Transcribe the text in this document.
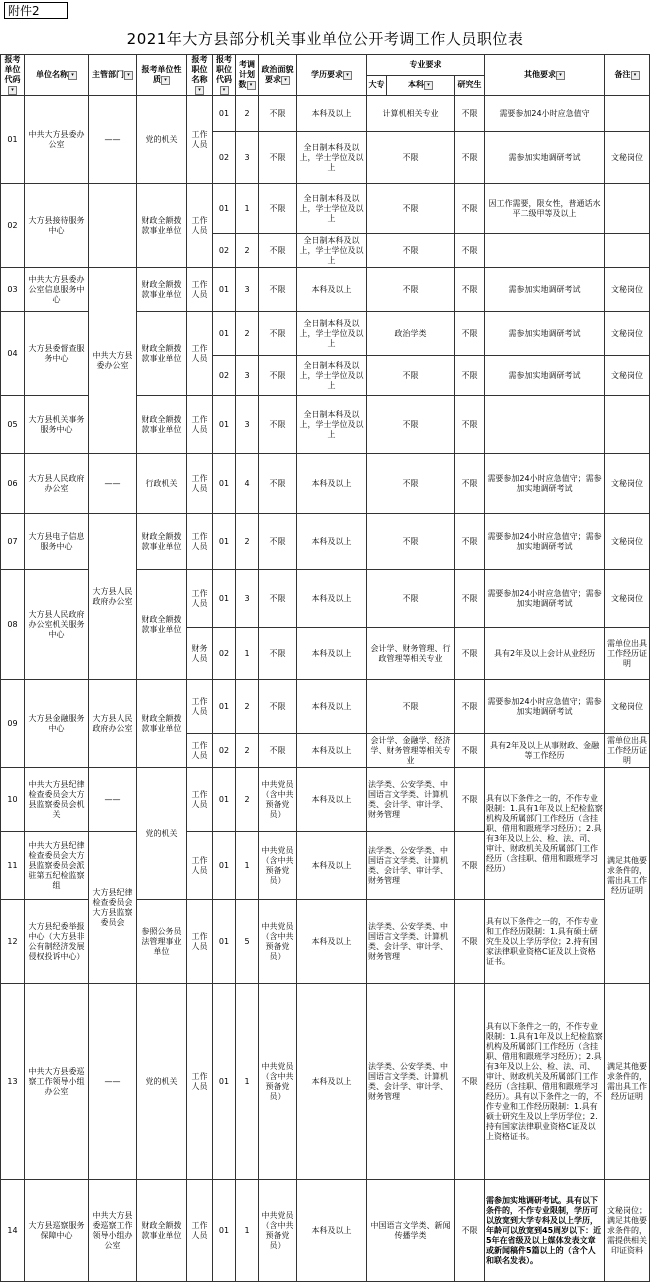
附件2
2021年大方县部分机关事业单位公开考调工作人员职位表
报考单位代码▾	单位名称 ▾	主管部门 ▾	报考单位性质 ▾	报考职位名称▾	报考职位代码▾	考调计划数 ▾	政治面貌要求 ▾	学历要求 ▾	专业要求			其他要求 ▾	备注 ▾
									大专	本科 ▾	研究生		
01	中共大方县委办公室	——	党的机关	工作人员	01	2	不限	本科及以上	计算机相关专业		不限	需要参加24小时应急值守	
					02	3	不限	全日制本科及以上，学士学位及以上	不限		不限	需参加实地调研考试	文秘岗位
02	大方县接待服务中心		财政全额拨款事业单位	工作人员	01	1	不限	全日制本科及以上，学士学位及以上	不限		不限	因工作需要，限女性，普通话水平二级甲等及以上	
					02	2	不限	全日制本科及以上，学士学位及以上	不限		不限		
03	中共大方县委办公室信息服务中心	中共大方县委办公室	财政全额拨款事业单位	工作人员	01	3	不限	本科及以上	不限		不限	需参加实地调研考试	文秘岗位
04	大方县委督查服务中心		财政全额拨款事业单位	工作人员	01	2	不限	全日制本科及以上，学士学位及以上	政治学类		不限	需参加实地调研考试	文秘岗位
					02	3	不限	全日制本科及以上，学士学位及以上	不限		不限	需参加实地调研考试	文秘岗位
05	大方县机关事务服务中心		财政全额拨款事业单位	工作人员	01	3	不限	全日制本科及以上，学士学位及以上	不限		不限		
06	大方县人民政府办公室	——	行政机关	工作人员	01	4	不限	本科及以上	不限		不限	需要参加24小时应急值守；需参加实地调研考试	文秘岗位
07	大方县电子信息服务中心	大方县人民政府办公室	财政全额拨款事业单位	工作人员	01	2	不限	本科及以上	不限		不限	需要参加24小时应急值守；需参加实地调研考试	文秘岗位
08	大方县人民政府办公室机关服务中心		财政全额拨款事业单位	工作人员	01	3	不限	本科及以上	不限		不限	需要参加24小时应急值守；需参加实地调研考试	文秘岗位
				财务人员	02	1	不限	本科及以上	会计学、财务管理、行政管理等相关专业		不限	具有2年及以上会计从业经历	需单位出具工作经历证明
09	大方县金融服务中心	大方县人民政府办公室	财政全额拨款事业单位	工作人员	01	2	不限	本科及以上	不限		不限	需要参加24小时应急值守；需参加实地调研考试	文秘岗位
				工作人员	02	2	不限	本科及以上	会计学、金融学、经济学、财务管理等相关专业		不限	具有2年及以上从事财政、金融等工作经历	需单位出具工作经历证明
10	中共大方县纪律检查委员会大方县监察委员会机关	——	党的机关	工作人员	01	2	中共党员（含中共预备党员）	本科及以上	法学类、公安学类、中国语言文学类、计算机类、会计学、审计学、财务管理		不限	具有以下条件之一的，不作专业限制：1.具有1年及以上纪检监察机构及所属部门工作经历（含挂职、借用和跟班学习经历）；2.具有3年及以上公、检、法、司、审计、财政机关及所属部门工作经历（含挂职、借用和跟班学习经历）	满足其他要求条件的，需出具工作经历证明
11	中共大方县纪律检查委员会大方县监察委员会派驻第五纪检监察组	大方县纪律检查委员会大方县监察委员会		工作人员	01	1	中共党员（含中共预备党员）	本科及以上	法学类、公安学类、中国语言文学类、计算机类、会计学、审计学、财务管理		不限		
12	大方县纪委举报中心（大方县非公有制经济发展侵权投诉中心）		参照公务员法管理事业单位	工作人员	01	5	中共党员（含中共预备党员）	本科及以上	法学类、公安学类、中国语言文学类、计算机类、会计学、审计学、财务管理		不限	具有以下条件之一的，不作专业和工作经历限制：1.具有硕士研究生及以上学历学位；2.持有国家法律职业资格C证及以上资格证书。	
13	中共大方县委巡察工作领导小组办公室	——	党的机关	工作人员	01	1	中共党员（含中共预备党员）	本科及以上	法学类、公安学类、中国语言文学类、计算机类、会计学、审计学、财务管理		不限	具有以下条件之一的，不作专业限制：1.具有1年及以上纪检监察机构及所属部门工作经历（含挂职、借用和跟班学习经历）；2.具有3年及以上公、检、法、司、审计、财政机关及所属部门工作经历（含挂职、借用和跟班学习经历）。具有以下条件之一的，不作专业和工作经历限制：1.具有硕士研究生及以上学历学位；2.持有国家法律职业资格C证及以上资格证书。	满足其他要求条件的，需出具工作经历证明
14	大方县巡察服务保障中心	中共大方县委巡察工作领导小组办公室	财政全额拨款事业单位	工作人员	01	1	中共党员（含中共预备党员）	本科及以上	中国语言文学类、新闻传播学类		不限	需参加实地调研考试。具有以下条件的，不作专业限制，学历可以放宽到大学专科及以上学历，年龄可以放宽到45周岁以下：近5年在省级及以上媒体发表文章或新闻稿件5篇以上的（含个人和联名发表）。	文秘岗位；满足其他要求条件的，需提供相关印证资料
